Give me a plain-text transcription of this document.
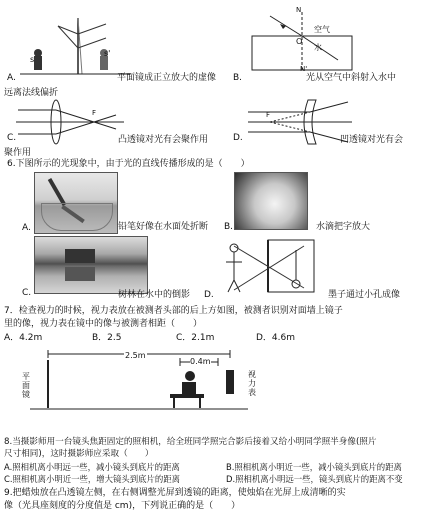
s
s'
N
空气
O
水
N'
A.	平面镜成正立放大的虚像 B.	光从空气中斜射入水中
远离法线偏折
F	F
C.	凸透镜对光有会聚作用
聚作用
D.	凹透镜对光有会
6.下图所示的光现象中，由于光的直线传播形成的是（　　）
A.	铅笔好像在水面处折断 B.	水滴把字放大
C.	树林在水中的倒影 D.	墨子通过小孔成像
7．检查视力的时候，视力表放在被测者头部的后上方如图，被测者识别对面墙上镜子
里的像，视力表在镜中的像与被测者相距（　　）
A．4.2m	B．2.5	C．2.1m	D．4.6m
2.5m
0.4m
平面镜
视力表
8.当摄影师用一台镜头焦距固定的照相机，给全班同学照完合影后接着又给小明同学照半身像(照片
尺寸相同)，这时摄影师应采取（　　）
A.照相机离小明远一些，减小镜头到底片的距离	B.照相机离小明近一些，减小镜头到底片的距离
C.照相机离小明近一些，增大镜头到底片的距离	D.照相机离小明远一些，镜头到底片的距离不变
9.把蜡烛放在凸透镜左侧，在右侧调整光屏到透镜的距离，使烛焰在光屏上成清晰的实
像（光具座刻度的分度值是 cm)，下列说正确的是（　　）
